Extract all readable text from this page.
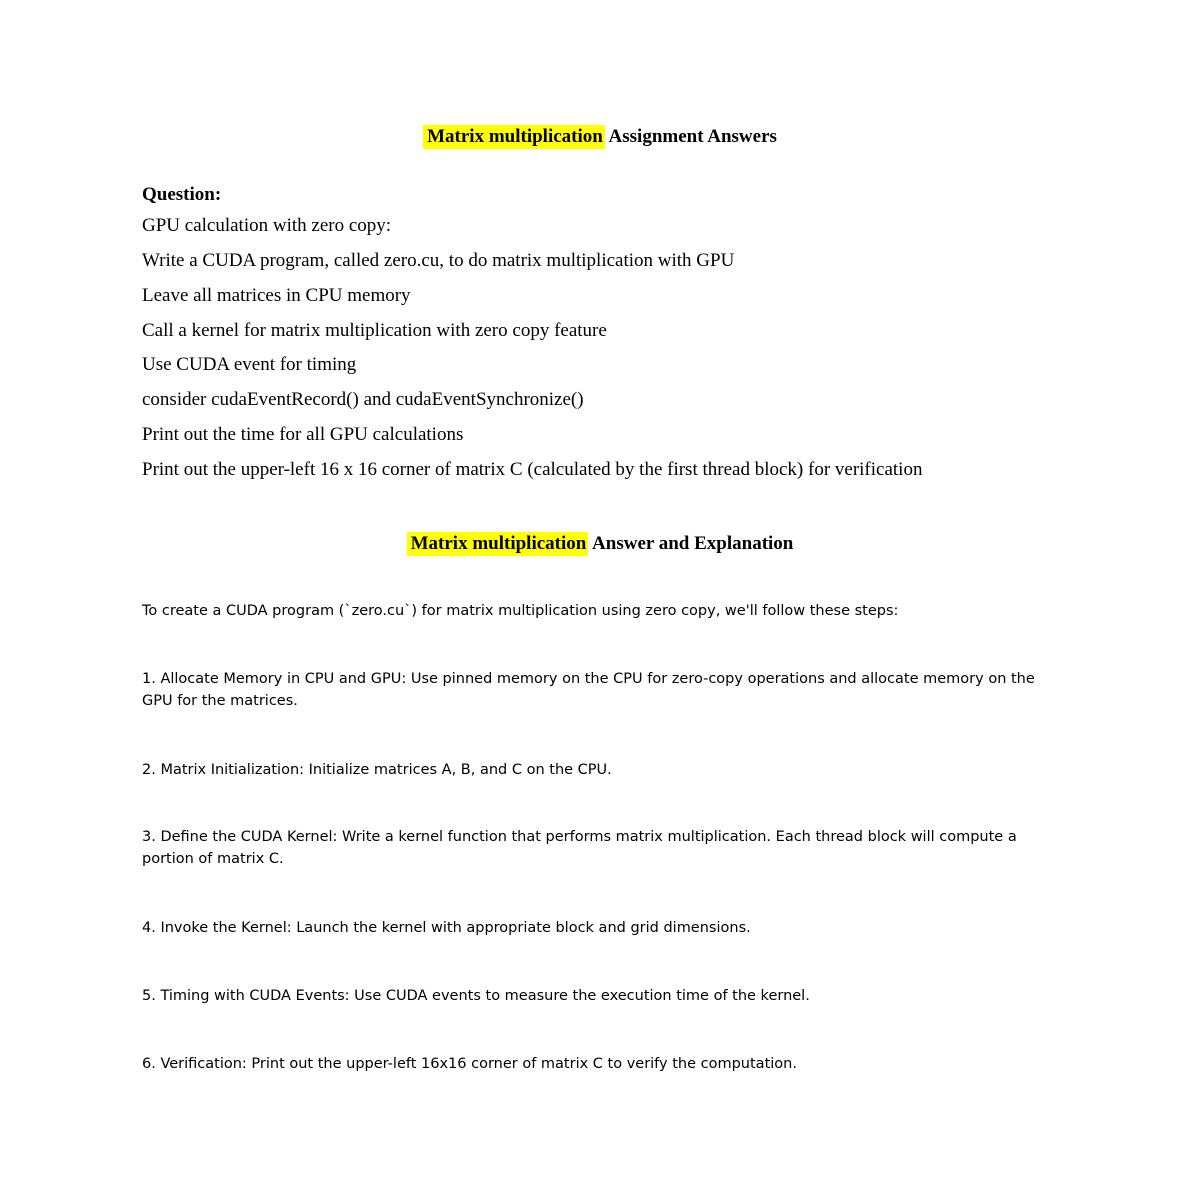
Matrix multiplication Assignment Answers
Question:
GPU calculation with zero copy:
Write a CUDA program, called zero.cu, to do matrix multiplication with GPU
Leave all matrices in CPU memory
Call a kernel for matrix multiplication with zero copy feature
Use CUDA event for timing
consider cudaEventRecord() and cudaEventSynchronize()
Print out the time for all GPU calculations
Print out the upper-left 16 x 16 corner of matrix C (calculated by the first thread block) for verification
Matrix multiplication Answer and Explanation
To create a CUDA program (`zero.cu`) for matrix multiplication using zero copy, we'll follow these steps:
1. Allocate Memory in CPU and GPU: Use pinned memory on the CPU for zero-copy operations and allocate memory on the GPU for the matrices.
2. Matrix Initialization: Initialize matrices A, B, and C on the CPU.
3. Define the CUDA Kernel: Write a kernel function that performs matrix multiplication. Each thread block will compute a portion of matrix C.
4. Invoke the Kernel: Launch the kernel with appropriate block and grid dimensions.
5. Timing with CUDA Events: Use CUDA events to measure the execution time of the kernel.
6. Verification: Print out the upper-left 16x16 corner of matrix C to verify the computation.
